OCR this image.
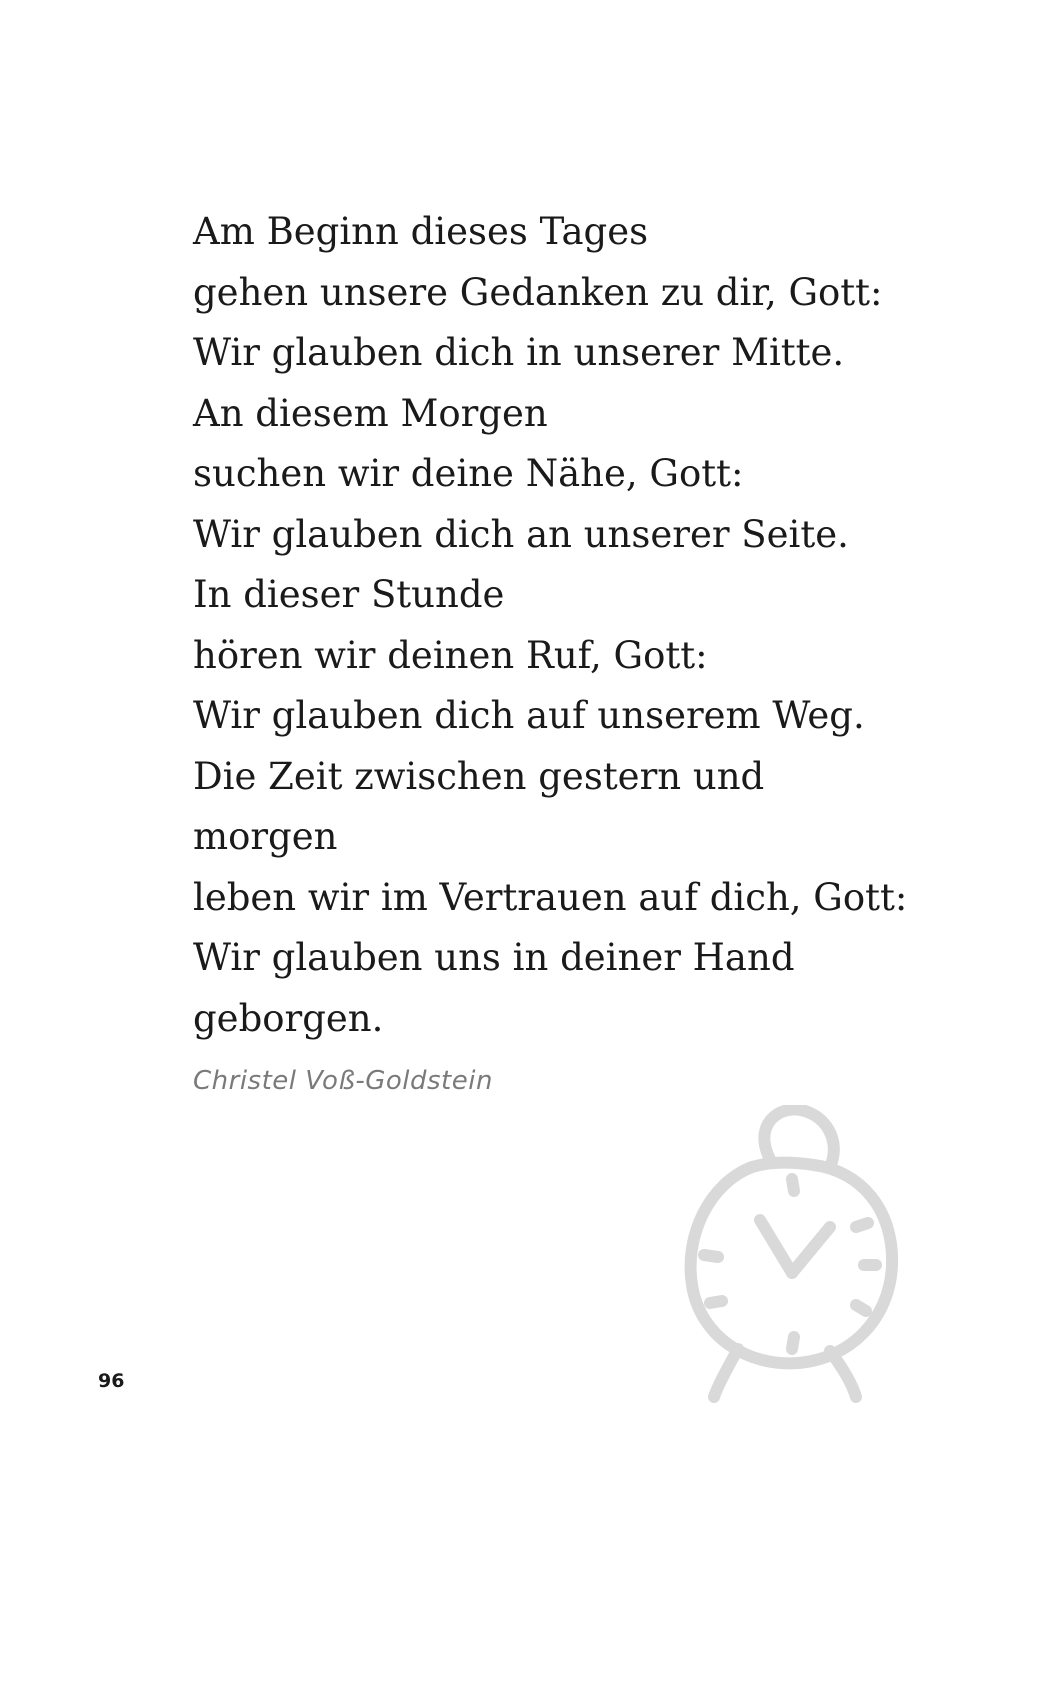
Am Beginn dieses Tages
gehen unsere Gedanken zu dir, Gott:
Wir glauben dich in unserer Mitte.
An diesem Morgen
suchen wir deine Nähe, Gott:
Wir glauben dich an unserer Seite.
In dieser Stunde
hören wir deinen Ruf, Gott:
Wir glauben dich auf unserem Weg.
Die Zeit zwischen gestern und
morgen
leben wir im Vertrauen auf dich, Gott:
Wir glauben uns in deiner Hand
geborgen.
Christel Voß-Goldstein
96
